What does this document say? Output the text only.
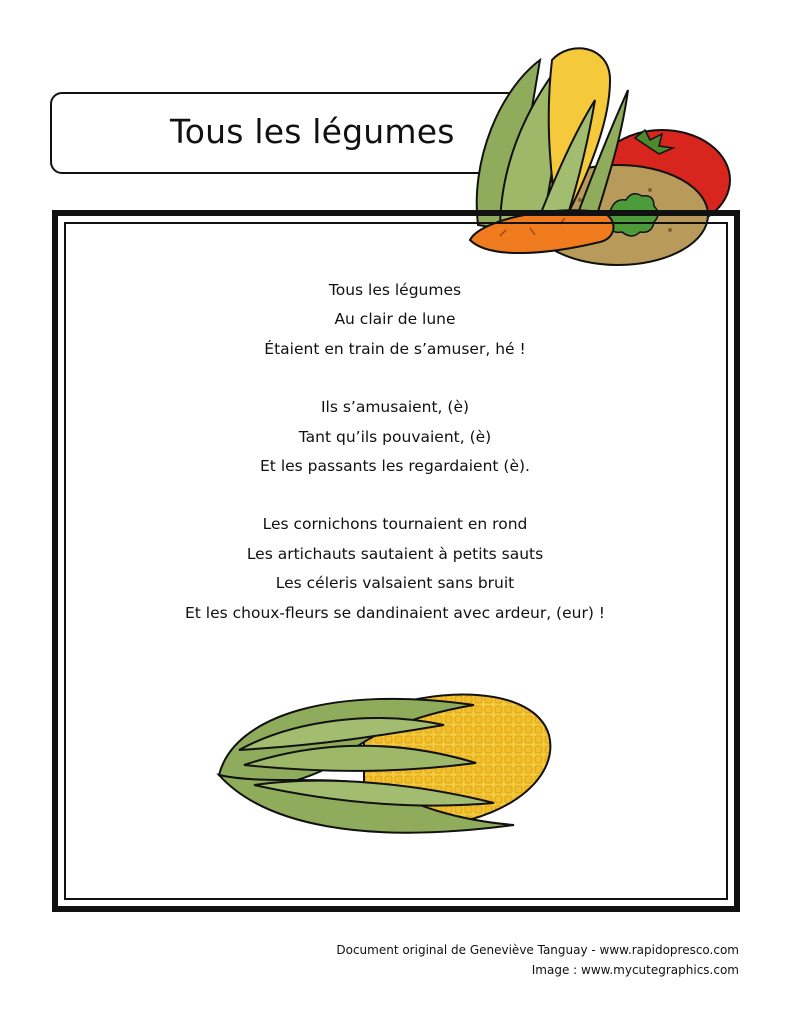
Tous les légumes
Tous les légumes
Au clair de lune
Étaient en train de s’amuser, hé !
Ils s’amusaient, (è)
Tant qu’ils pouvaient, (è)
Et les passants les regardaient (è).
Les cornichons tournaient en rond
Les artichauts sautaient à petits sauts
Les céleris valsaient sans bruit
Et les choux-fleurs se dandinaient avec ardeur, (eur) !
Document original de Geneviève Tanguay - www.rapidopresco.com
Image : www.mycutegraphics.com
